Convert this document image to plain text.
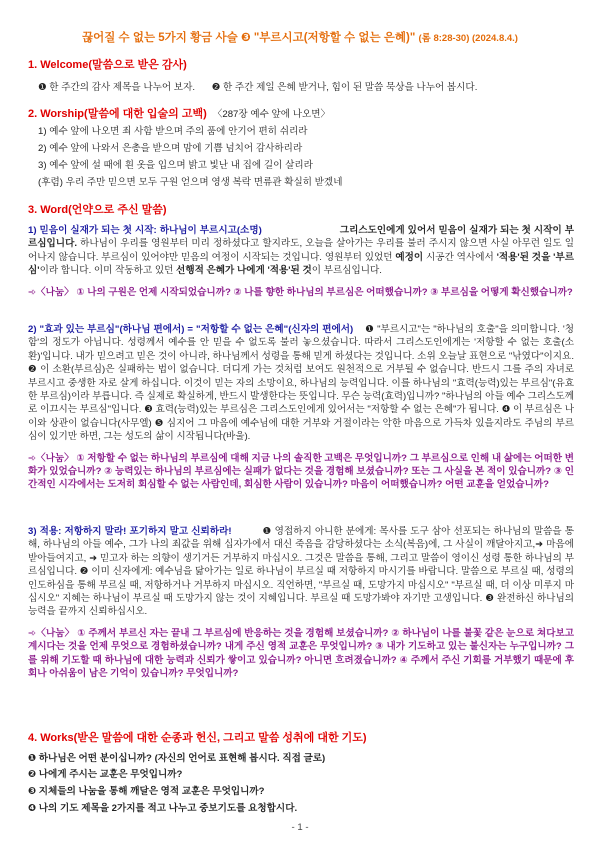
끊어질 수 없는 5가지 황금 사슬 ❸ "부르시고(저항할 수 없는 은혜)" (롬 8:28-30) (2024.8.4.)
1. Welcome(말씀으로 받은 감사)
❶ 한 주간의 감사 제목을 나누어 보자. ❷ 한 주간 제일 은혜 받거나, 힘이 된 말씀 묵상을 나누어 봅시다.
2. Worship(말씀에 대한 입술의 고백) 〈287장 예수 앞에 나오면〉
1) 예수 앞에 나오면 죄 사함 받으며 주의 품에 안기어 편히 쉬리라
2) 예수 앞에 나와서 은총을 받으며 맘에 기쁨 넘치어 감사하리라
3) 예수 앞에 설 때에 흰 옷을 입으며 밝고 빛난 내 집에 길이 살리라
(후렴) 우리 주만 믿으면 모두 구원 얻으며 영생 복락 면류관 확실히 받겠네
3. Word(언약으로 주신 말씀)
1) 믿음이 실재가 되는 첫 시작: 하나님이 부르시고(소명)	그리스도인에게 있어서 믿음이 실재가 되는 첫 시작이 부르심입니다. 하나님이 우리를 영원부터 미리 정하셨다고 할지라도, 오늘을 살아가는 우리를 불러 주시지 않으면 사실 아무런 일도 일어나지 않습니다. 부르심이 있어야만 믿음의 여정이 시작되는 것입니다. 영원부터 있었던 예정이 시공간 역사에서 '적용'된 것을 '부르심'이라 합니다. 이미 작동하고 있던 선행적 은혜가 나에게 '적용'된 것이 부르심입니다.
➾〈나눔〉 ① 나의 구원은 언제 시작되었습니까? ② 나를 향한 하나님의 부르심은 어떠했습니까? ③ 부르심을 어떻게 확신했습니까?
2) "효과 있는 부르심"(하나님 편에서) = "저항할 수 없는 은혜"(신자의 편에서) ❶ "부르시고"는 "하나님의 호출"을 의미합니다. '청함'의 정도가 아닙니다. 성령께서 예수를 안 믿을 수 없도록 불러 놓으셨습니다. 따라서 그리스도인에게는 '저항할 수 없는 호출(소환)'입니다. 내가 믿으려고 믿은 것이 아니라, 하나님께서 성령을 통해 믿게 하셨다는 것입니다. 소위 오늘날 표현으로 "낚였다"이지요. ❷ 이 소환(부르심)은 실패하는 법이 없습니다. 더디게 가는 것처럼 보여도 원천적으로 거부될 수 없습니다. 반드시 그를 주의 자녀로 부르시고 중생한 자로 살게 하십니다. 이것이 믿는 자의 소망이요, 하나님의 능력입니다. 이를 하나님의 "효력(능력)있는 부르심"(유효한 부르심)이라 부릅니다. 즉 실제로 확실하게, 반드시 발생한다는 뜻입니다. 무슨 능력(효력)입니까? "하나님의 아들 예수 그리스도께로 이끄시는 부르심"입니다. ❸ 효력(능력)있는 부르심은 그리스도인에게 있어서는 "저항할 수 없는 은혜"가 됩니다. ❹ 이 부르심은 나이와 상관이 없습니다(사무엘) ❺ 심지어 그 마음에 예수님에 대한 거부와 거절이라는 악한 마음으로 가득차 있을지라도 주님의 부르심이 있기만 하면, 그는 성도의 삶이 시작됩니다(바울).
➾〈나눔〉 ① 저항할 수 없는 하나님의 부르심에 대해 지금 나의 솔직한 고백은 무엇입니까? 그 부르심으로 인해 내 삶에는 어떠한 변화가 있었습니까? ② 능력있는 하나님의 부르심에는 실패가 없다는 것을 경험해 보셨습니까? 또는 그 사실을 본 적이 있습니까? ③ 인간적인 시각에서는 도저히 회심할 수 없는 사람인데, 회심한 사람이 있습니까? 마음이 어떠했습니까? 어떤 교훈을 얻었습니까?
3) 적용: 저항하지 말라! 포기하지 말고 신뢰하라!	❶ 영접하지 아니한 분에게: 목사를 도구 삼아 선포되는 하나님의 말씀을 통해, 하나님의 아들 예수, 그가 나의 죄값을 위해 십자가에서 대신 죽음을 감당하셨다는 소식(복음)에, 그 사실이 깨달아지고,➜ 마음에 받아들여지고, ➜ 믿고자 하는 의향이 생기거든 거부하지 마십시오. 그것은 말씀을 통해, 그리고 말씀이 영이신 성령 통한 하나님의 부르심입니다. ❷ 이미 신자에게: 예수님을 닮아가는 일로 하나님이 부르실 때 저항하지 마시기를 바랍니다. 말씀으로 부르실 때, 성령의 인도하심을 통해 부르실 때, 저항하거나 거부하지 마십시오. 직언하면, "부르실 때, 도망가지 마십시오" "부르실 때, 더 이상 미루지 마십시오" 지혜는 하나님이 부르실 때 도망가지 않는 것이 지혜입니다. 부르실 때 도망가봐야 자기만 고생입니다. ❸ 완전하신 하나님의 능력을 끝까지 신뢰하십시오.
➾〈나눔〉 ① 주께서 부르신 자는 끝내 그 부르심에 반응하는 것을 경험해 보셨습니까? ② 하나님이 나를 불꽃 같은 눈으로 쳐다보고 계시다는 것을 언제 무엇으로 경험하셨습니까? 내게 주신 영적 교훈은 무엇입니까? ③ 내가 기도하고 있는 불신자는 누구입니까? 그를 위해 기도할 때 하나님에 대한 능력과 신뢰가 쌓이고 있습니까? 아니면 흐려졌습니까? ④ 주께서 주신 기회를 거부했기 때문에 후회나 아쉬움이 남은 기억이 있습니까? 무엇입니까?
4. Works(받은 말씀에 대한 순종과 헌신, 그리고 말씀 성취에 대한 기도)
❶ 하나님은 어떤 분이십니까? (자신의 언어로 표현해 봅시다. 직접 글로)
❷ 나에게 주시는 교훈은 무엇입니까?
❸ 지체들의 나눔을 통해 깨달은 영적 교훈은 무엇입니까?
❹ 나의 기도 제목을 2가지를 적고 나누고 중보기도를 요청합시다.
- 1 -
